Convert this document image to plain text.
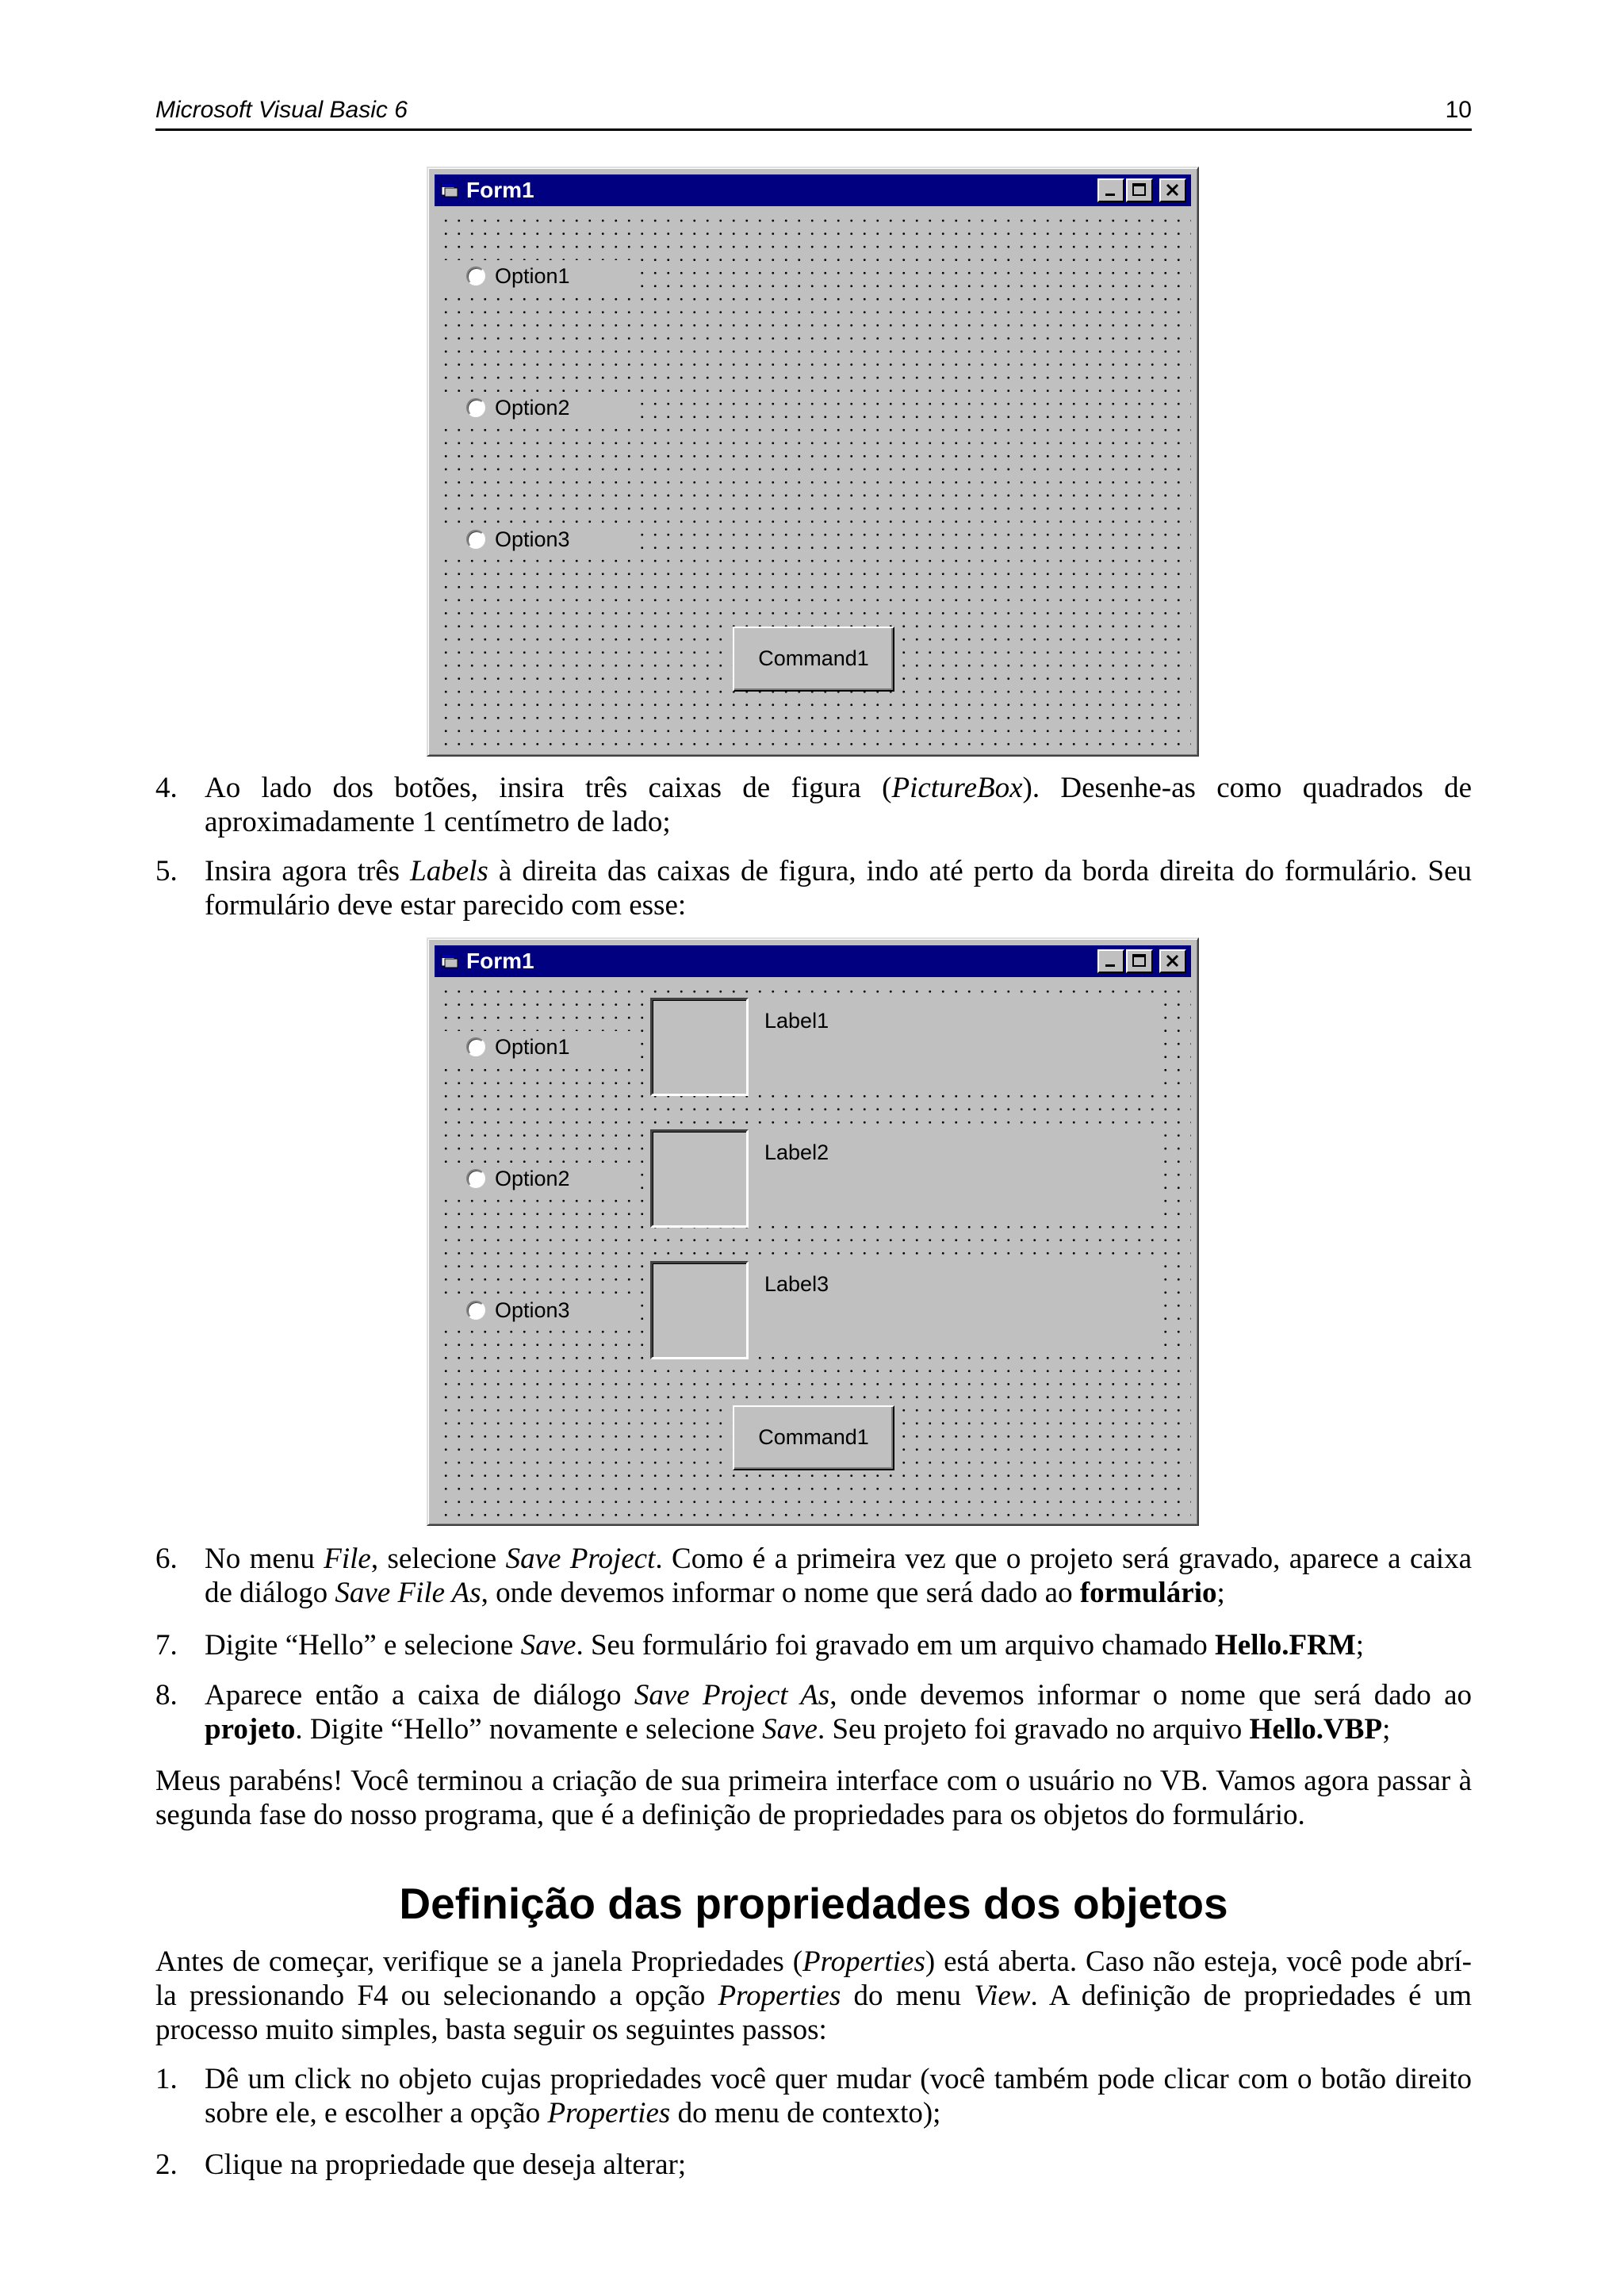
Microsoft Visual Basic 6	10
Form1
Option1
Option2
Option3
Command1
4. Ao lado dos botões, insira três caixas de figura (PictureBox). Desenhe-as como quadrados de aproximadamente 1 centímetro de lado;
5. Insira agora três Labels à direita das caixas de figura, indo até perto da borda direita do formulário. Seu formulário deve estar parecido com esse:
Form1
Option1
Option2
Option3
Label1
Label2
Label3
Command1
6. No menu File, selecione Save Project. Como é a primeira vez que o projeto será gravado, aparece a caixa de diálogo Save File As, onde devemos informar o nome que será dado ao formulário;
7. Digite “Hello” e selecione Save. Seu formulário foi gravado em um arquivo chamado Hello.FRM;
8. Aparece então a caixa de diálogo Save Project As, onde devemos informar o nome que será dado ao projeto. Digite “Hello” novamente e selecione Save. Seu projeto foi gravado no arquivo Hello.VBP;
Meus parabéns! Você terminou a criação de sua primeira interface com o usuário no VB. Vamos agora passar à segunda fase do nosso programa, que é a definição de propriedades para os objetos do formulário.
Definição das propriedades dos objetos
Antes de começar, verifique se a janela Propriedades (Properties) está aberta. Caso não esteja, você pode abrí-la pressionando F4 ou selecionando a opção Properties do menu View. A definição de propriedades é um processo muito simples, basta seguir os seguintes passos:
1. Dê um click no objeto cujas propriedades você quer mudar (você também pode clicar com o botão direito sobre ele, e escolher a opção Properties do menu de contexto);
2. Clique na propriedade que deseja alterar;
